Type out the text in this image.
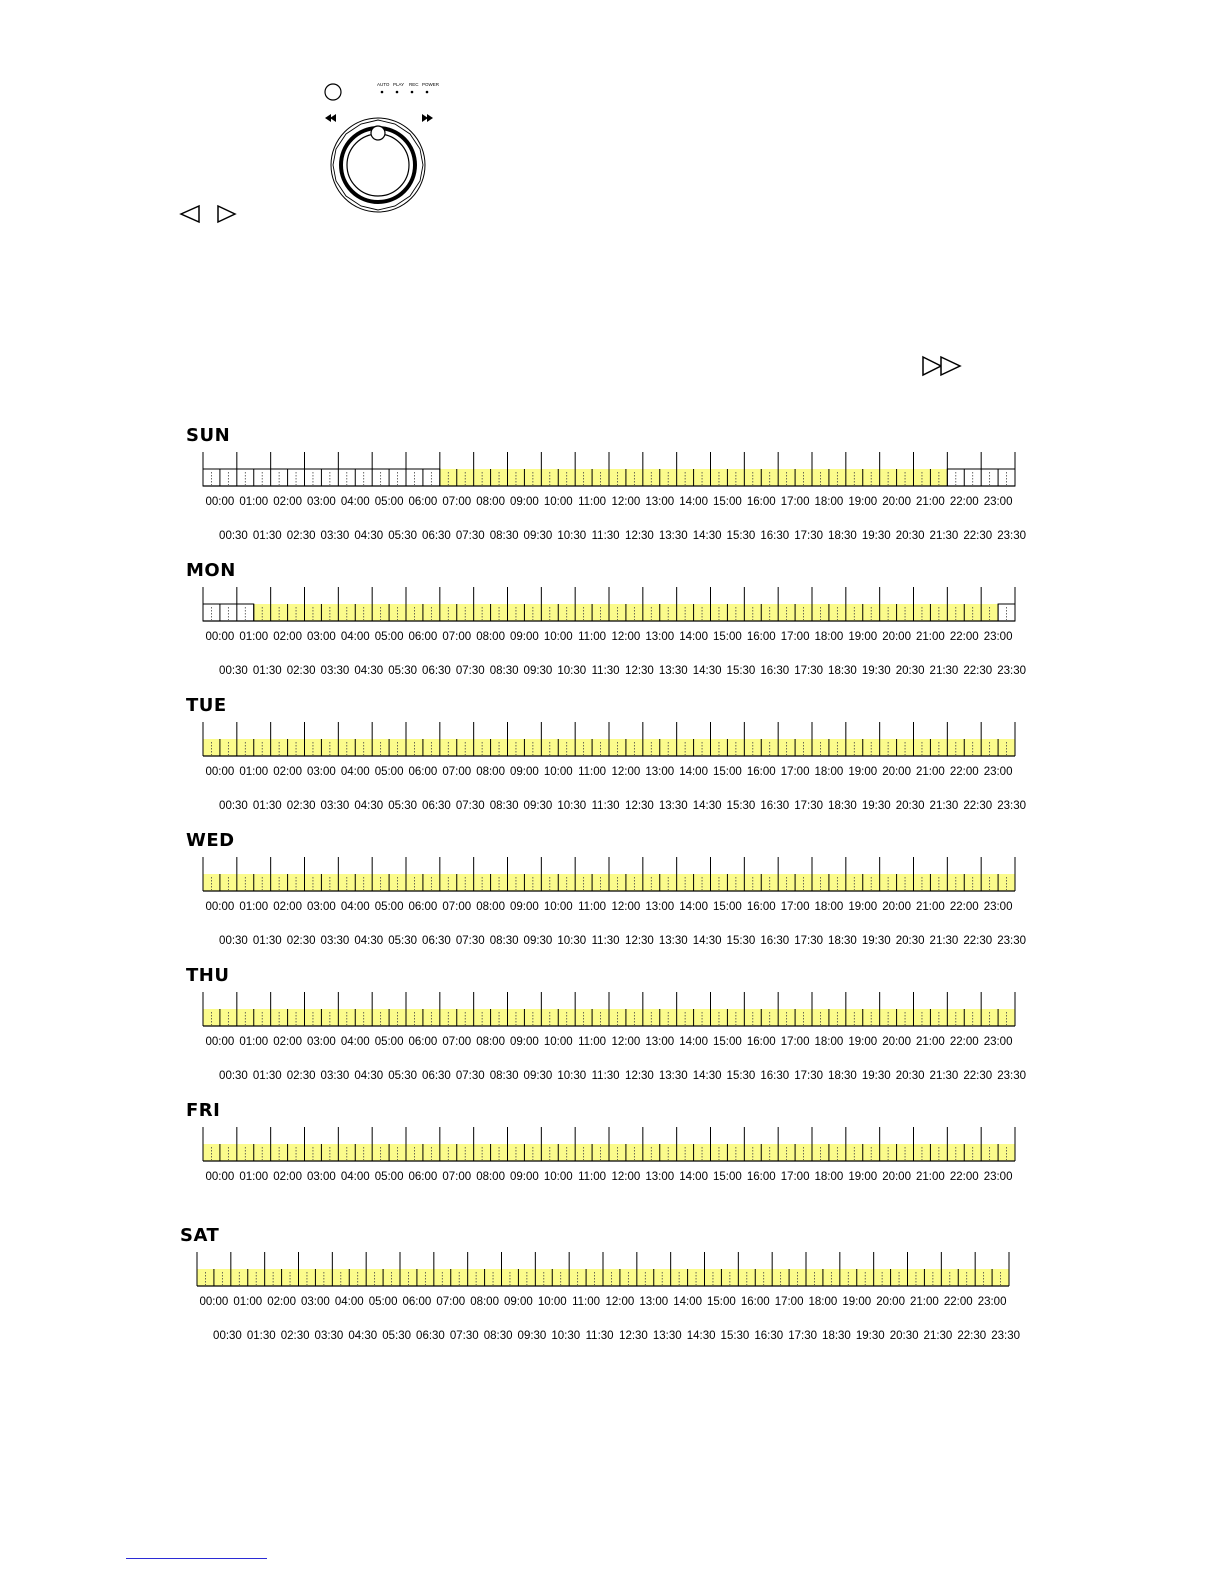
AUTO PLAY REC POWER
SUN
00:00 01:00 02:00 03:00 04:00 05:00 06:00 07:00 08:00 09:00 10:00 11:00 12:00 13:00 14:00 15:00 16:00 17:00 18:00 19:00 20:00 21:00 22:00 23:00
00:30 01:30 02:30 03:30 04:30 05:30 06:30 07:30 08:30 09:30 10:30 11:30 12:30 13:30 14:30 15:30 16:30 17:30 18:30 19:30 20:30 21:30 22:30 23:30
MON
00:00 01:00 02:00 03:00 04:00 05:00 06:00 07:00 08:00 09:00 10:00 11:00 12:00 13:00 14:00 15:00 16:00 17:00 18:00 19:00 20:00 21:00 22:00 23:00
00:30 01:30 02:30 03:30 04:30 05:30 06:30 07:30 08:30 09:30 10:30 11:30 12:30 13:30 14:30 15:30 16:30 17:30 18:30 19:30 20:30 21:30 22:30 23:30
TUE
00:00 01:00 02:00 03:00 04:00 05:00 06:00 07:00 08:00 09:00 10:00 11:00 12:00 13:00 14:00 15:00 16:00 17:00 18:00 19:00 20:00 21:00 22:00 23:00
00:30 01:30 02:30 03:30 04:30 05:30 06:30 07:30 08:30 09:30 10:30 11:30 12:30 13:30 14:30 15:30 16:30 17:30 18:30 19:30 20:30 21:30 22:30 23:30
WED
00:00 01:00 02:00 03:00 04:00 05:00 06:00 07:00 08:00 09:00 10:00 11:00 12:00 13:00 14:00 15:00 16:00 17:00 18:00 19:00 20:00 21:00 22:00 23:00
00:30 01:30 02:30 03:30 04:30 05:30 06:30 07:30 08:30 09:30 10:30 11:30 12:30 13:30 14:30 15:30 16:30 17:30 18:30 19:30 20:30 21:30 22:30 23:30
THU
00:00 01:00 02:00 03:00 04:00 05:00 06:00 07:00 08:00 09:00 10:00 11:00 12:00 13:00 14:00 15:00 16:00 17:00 18:00 19:00 20:00 21:00 22:00 23:00
00:30 01:30 02:30 03:30 04:30 05:30 06:30 07:30 08:30 09:30 10:30 11:30 12:30 13:30 14:30 15:30 16:30 17:30 18:30 19:30 20:30 21:30 22:30 23:30
FRI
00:00 01:00 02:00 03:00 04:00 05:00 06:00 07:00 08:00 09:00 10:00 11:00 12:00 13:00 14:00 15:00 16:00 17:00 18:00 19:00 20:00 21:00 22:00 23:00
SAT
00:00 01:00 02:00 03:00 04:00 05:00 06:00 07:00 08:00 09:00 10:00 11:00 12:00 13:00 14:00 15:00 16:00 17:00 18:00 19:00 20:00 21:00 22:00 23:00
00:30 01:30 02:30 03:30 04:30 05:30 06:30 07:30 08:30 09:30 10:30 11:30 12:30 13:30 14:30 15:30 16:30 17:30 18:30 19:30 20:30 21:30 22:30 23:30
